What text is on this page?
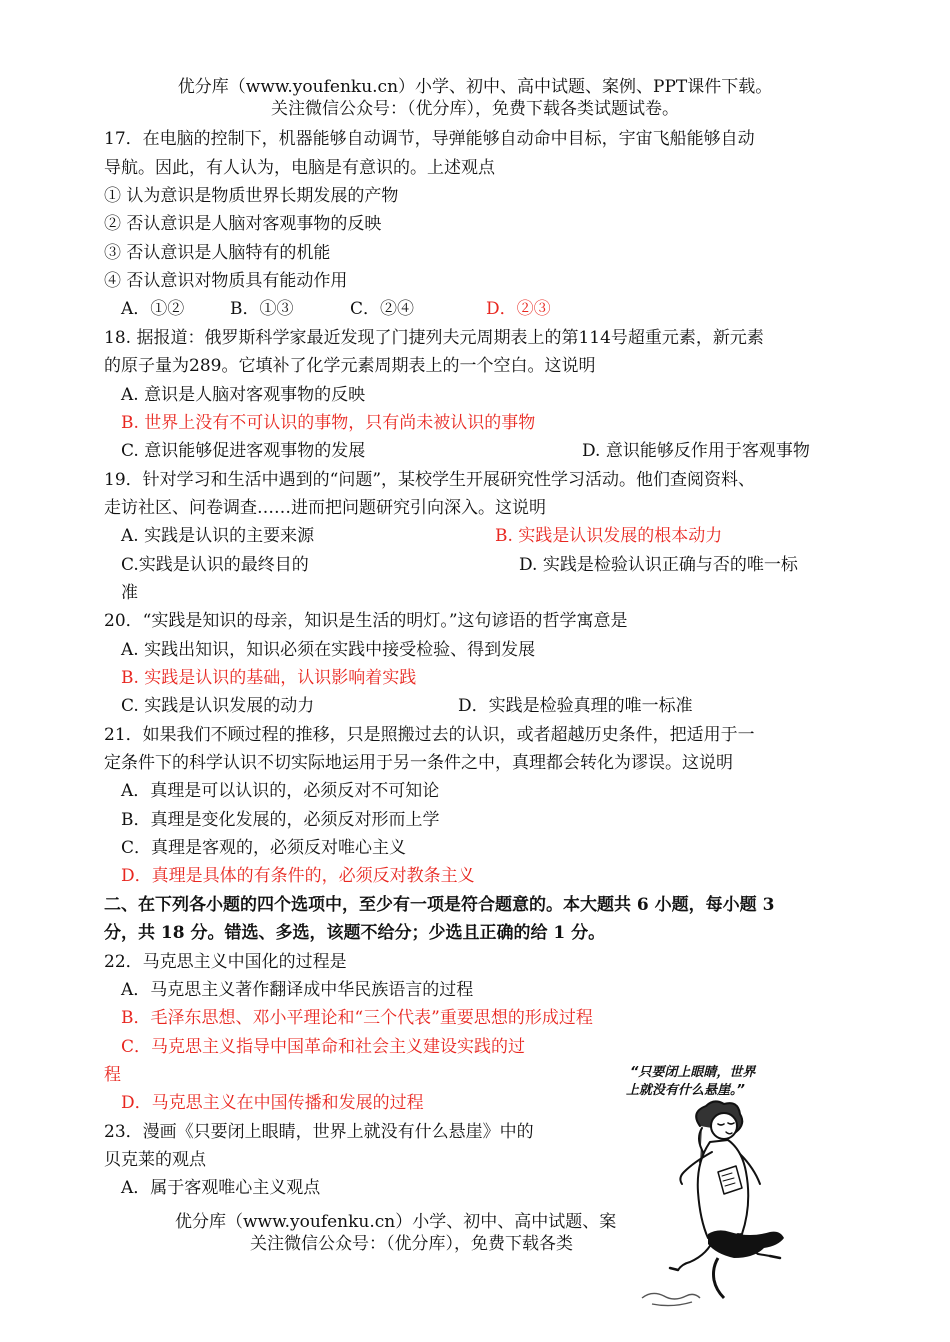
优分库（www.youfenku.cn）小学、初中、高中试题、案例、PPT课件下载。
关注微信公众号：（优分库），免费下载各类试题试卷。
17．在电脑的控制下，机器能够自动调节，导弹能够自动命中目标，宇宙飞船能够自动
导航。因此，有人认为，电脑是有意识的。上述观点
① 认为意识是物质世界长期发展的产物
② 否认意识是人脑对客观事物的反映
③ 否认意识是人脑特有的机能
④ 否认意识对物质具有能动作用
A．①②	B．①③	C．②④	D．②③
18. 据报道：俄罗斯科学家最近发现了门捷列夫元周期表上的第114号超重元素，新元素
的原子量为289。它填补了化学元素周期表上的一个空白。这说明
A. 意识是人脑对客观事物的反映
B. 世界上没有不可认识的事物，只有尚未被认识的事物
C. 意识能够促进客观事物的发展	D. 意识能够反作用于客观事物
19．针对学习和生活中遇到的“问题”，某校学生开展研究性学习活动。他们查阅资料、
走访社区、问卷调查……进而把问题研究引向深入。这说明
A. 实践是认识的主要来源	B. 实践是认识发展的根本动力
C.实践是认识的最终目的	D. 实践是检验认识正确与否的唯一标
准
20．“实践是知识的母亲，知识是生活的明灯。”这句谚语的哲学寓意是
A. 实践出知识，知识必须在实践中接受检验、得到发展
B. 实践是认识的基础，认识影响着实践
C. 实践是认识发展的动力	D．实践是检验真理的唯一标准
21．如果我们不顾过程的推移，只是照搬过去的认识，或者超越历史条件，把适用于一
定条件下的科学认识不切实际地运用于另一条件之中，真理都会转化为谬误。这说明
A．真理是可以认识的，必须反对不可知论
B．真理是变化发展的，必须反对形而上学
C．真理是客观的，必须反对唯心主义
D．真理是具体的有条件的，必须反对教条主义
二、在下列各小题的四个选项中，至少有一项是符合题意的。本大题共 6 小题，每小题 3
分，共 18 分。错选、多选，该题不给分；少选且正确的给 1 分。
22．马克思主义中国化的过程是
A．马克思主义著作翻译成中华民族语言的过程
B．毛泽东思想、邓小平理论和“三个代表”重要思想的形成过程
C．马克思主义指导中国革命和社会主义建设实践的过
程
D．马克思主义在中国传播和发展的过程
23．漫画《只要闭上眼睛，世界上就没有什么悬崖》中的
贝克莱的观点
A．属于客观唯心主义观点
优分库（www.youfenku.cn）小学、初中、高中试题、案
关注微信公众号：（优分库），免费下载各类
“只要闭上眼睛，世界
上就没有什么悬崖。”
